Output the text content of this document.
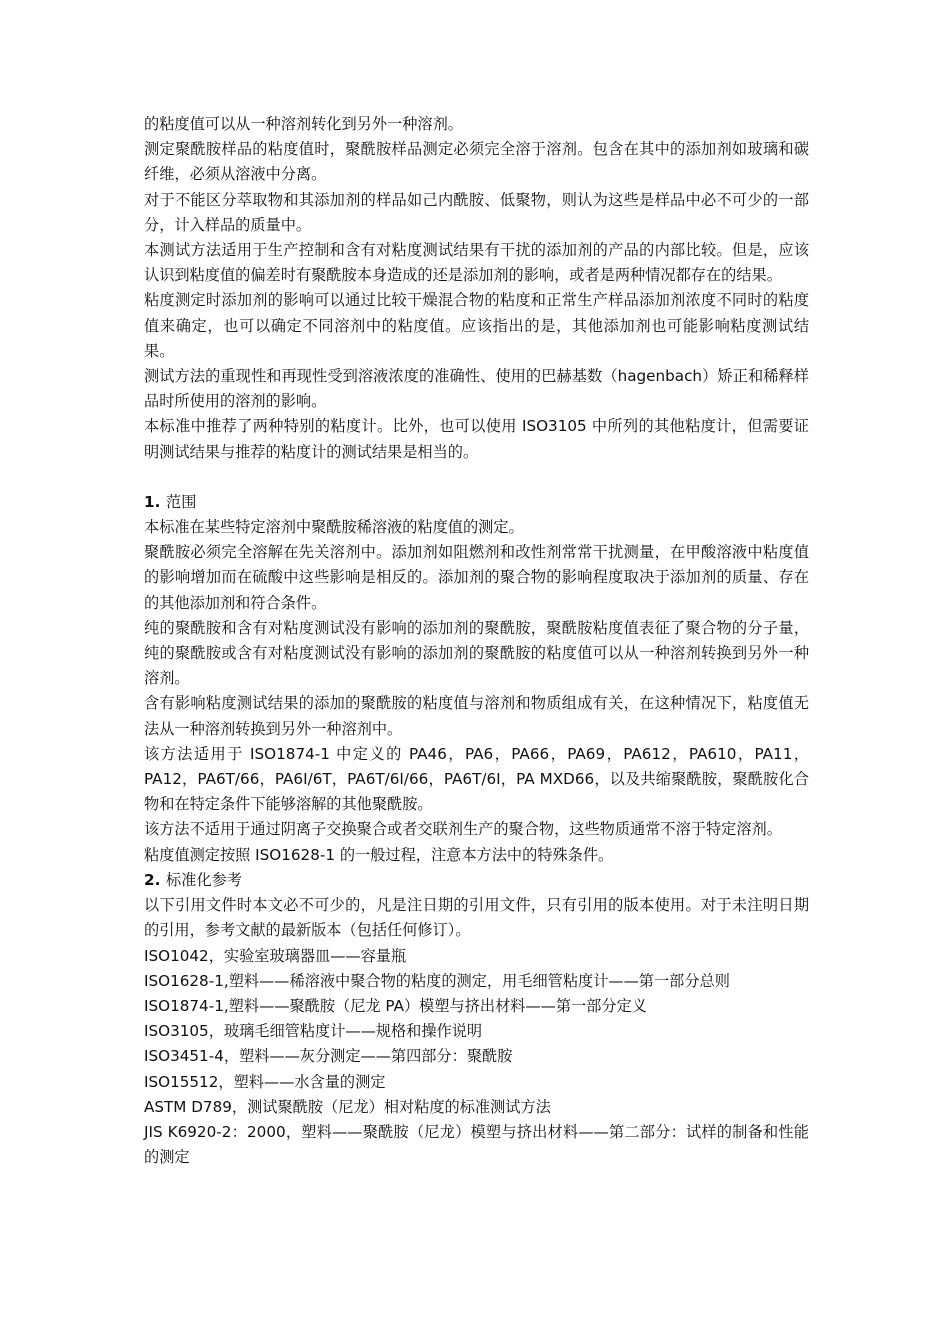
的粘度值可以从一种溶剂转化到另外一种溶剂。

测定聚酰胺样品的粘度值时，聚酰胺样品测定必须完全溶于溶剂。包含在其中的添加剂如玻璃和碳纤维，必须从溶液中分离。

对于不能区分萃取物和其添加剂的样品如己内酰胺、低聚物，则认为这些是样品中必不可少的一部分，计入样品的质量中。

本测试方法适用于生产控制和含有对粘度测试结果有干扰的添加剂的产品的内部比较。但是，应该认识到粘度值的偏差时有聚酰胺本身造成的还是添加剂的影响，或者是两种情况都存在的结果。

粘度测定时添加剂的影响可以通过比较干燥混合物的粘度和正常生产样品添加剂浓度不同时的粘度值来确定，也可以确定不同溶剂中的粘度值。应该指出的是，其他添加剂也可能影响粘度测试结果。

测试方法的重现性和再现性受到溶液浓度的准确性、使用的巴赫基数（hagenbach）矫正和稀释样品时所使用的溶剂的影响。

本标准中推荐了两种特别的粘度计。比外，也可以使用 ISO3105 中所列的其他粘度计，但需要证明测试结果与推荐的粘度计的测试结果是相当的。

1. 范围

本标准在某些特定溶剂中聚酰胺稀溶液的粘度值的测定。

聚酰胺必须完全溶解在先关溶剂中。添加剂如阻燃剂和改性剂常常干扰测量，在甲酸溶液中粘度值的影响增加而在硫酸中这些影响是相反的。添加剂的聚合物的影响程度取决于添加剂的质量、存在的其他添加剂和符合条件。

纯的聚酰胺和含有对粘度测试没有影响的添加剂的聚酰胺，聚酰胺粘度值表征了聚合物的分子量，纯的聚酰胺或含有对粘度测试没有影响的添加剂的聚酰胺的粘度值可以从一种溶剂转换到另外一种溶剂。

含有影响粘度测试结果的添加的聚酰胺的粘度值与溶剂和物质组成有关，在这种情况下，粘度值无法从一种溶剂转换到另外一种溶剂中。

该方法适用于 ISO1874-1 中定义的 PA46，PA6，PA66，PA69，PA612，PA610，PA11，PA12，PA6T/66，PA6I/6T，PA6T/6I/66，PA6T/6I，PA MXD66，以及共缩聚酰胺，聚酰胺化合物和在特定条件下能够溶解的其他聚酰胺。

该方法不适用于通过阴离子交换聚合或者交联剂生产的聚合物，这些物质通常不溶于特定溶剂。

粘度值测定按照 ISO1628-1 的一般过程，注意本方法中的特殊条件。

2. 标准化参考

以下引用文件时本文必不可少的，凡是注日期的引用文件，只有引用的版本使用。对于未注明日期的引用，参考文献的最新版本（包括任何修订）。

ISO1042，实验室玻璃器皿——容量瓶

ISO1628-1,塑料——稀溶液中聚合物的粘度的测定，用毛细管粘度计——第一部分总则

ISO1874-1,塑料——聚酰胺（尼龙 PA）模塑与挤出材料——第一部分定义

ISO3105，玻璃毛细管粘度计——规格和操作说明

ISO3451-4，塑料——灰分测定——第四部分：聚酰胺

ISO15512，塑料——水含量的测定

ASTM D789，测试聚酰胺（尼龙）相对粘度的标准测试方法

JIS K6920-2：2000，塑料——聚酰胺（尼龙）模塑与挤出材料——第二部分：试样的制备和性能的测定
